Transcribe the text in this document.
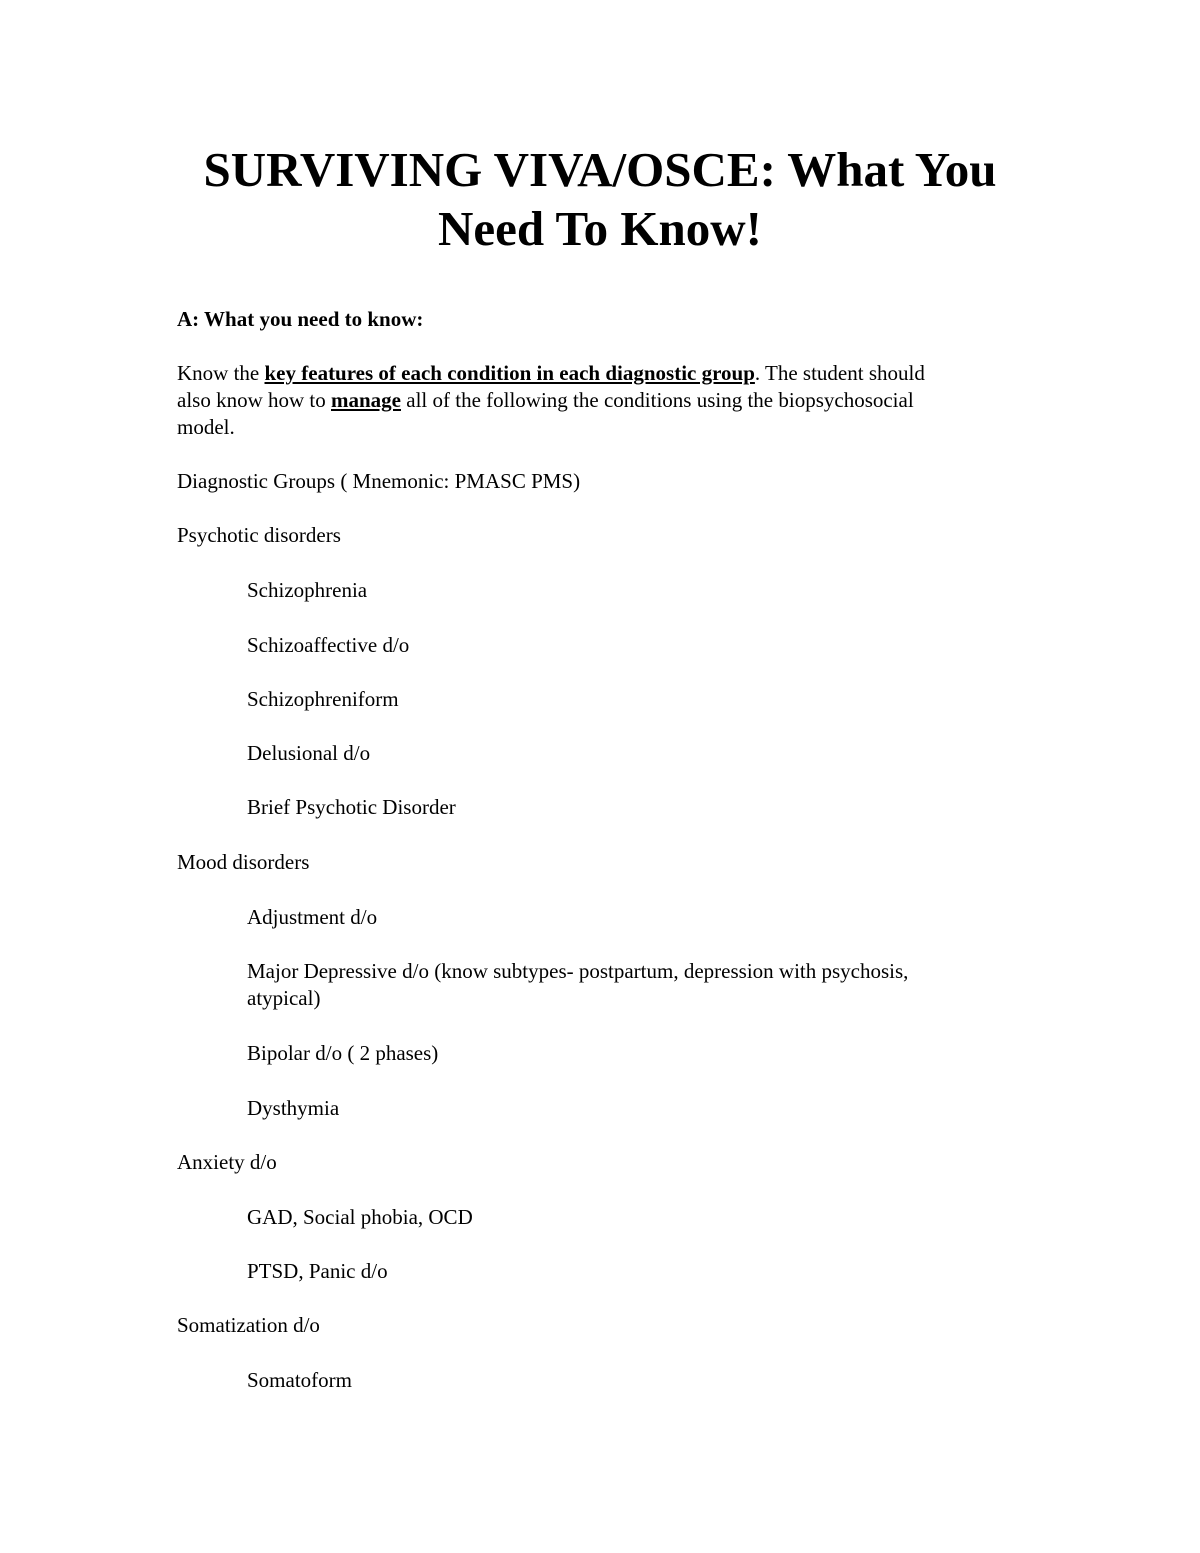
SURVIVING VIVA/OSCE: What You
Need To Know!
A: What you need to know:
Know the key features of each condition in each diagnostic group. The student should
also know how to manage all of the following the conditions using the biopsychosocial
model.
Diagnostic Groups ( Mnemonic: PMASC PMS)
Psychotic disorders
Schizophrenia
Schizoaffective d/o
Schizophreniform
Delusional d/o
Brief Psychotic Disorder
Mood disorders
Adjustment d/o
Major Depressive d/o (know subtypes- postpartum, depression with psychosis,
atypical)
Bipolar d/o ( 2 phases)
Dysthymia
Anxiety d/o
GAD, Social phobia, OCD
PTSD, Panic d/o
Somatization d/o
Somatoform
